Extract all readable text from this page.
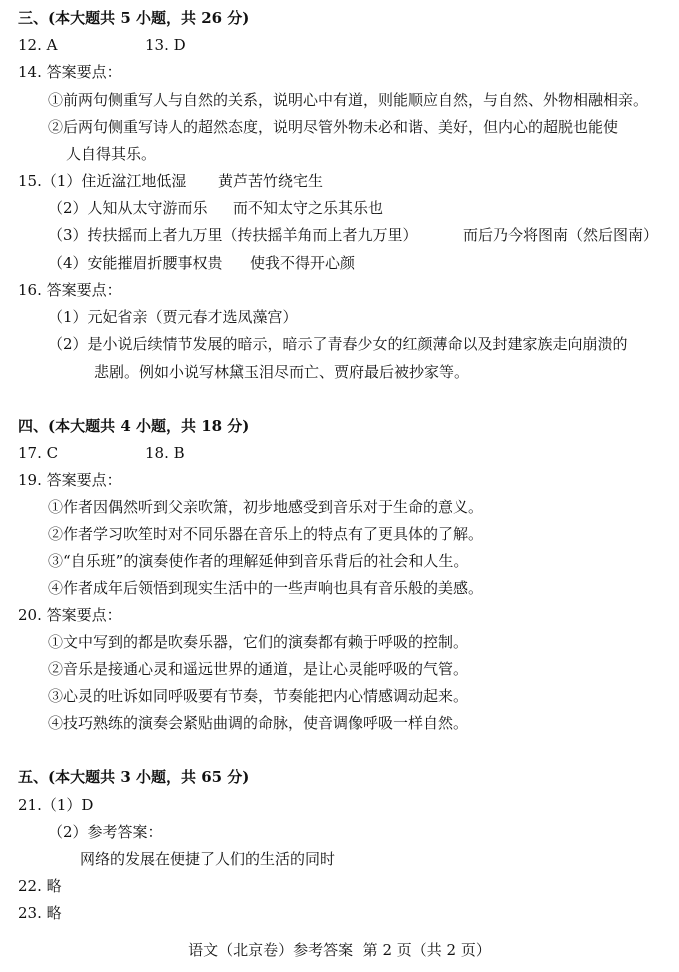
三、(本大题共 5 小题，共 26 分)
12. A	13. D
14. 答案要点：
①前两句侧重写人与自然的关系，说明心中有道，则能顺应自然，与自然、外物相融相亲。
②后两句侧重写诗人的超然态度，说明尽管外物未必和谐、美好，但内心的超脱也能使
人自得其乐。
15.（1）住近湓江地低湿 黄芦苦竹绕宅生
（2）人知从太守游而乐 而不知太守之乐其乐也
（3）抟扶摇而上者九万里（抟扶摇羊角而上者九万里）	而后乃今将图南（然后图南）
（4）安能摧眉折腰事权贵 使我不得开心颜
16. 答案要点：
（1）元妃省亲（贾元春才选凤藻宫）
（2）是小说后续情节发展的暗示，暗示了青春少女的红颜薄命以及封建家族走向崩溃的
悲剧。例如小说写林黛玉泪尽而亡、贾府最后被抄家等。
四、(本大题共 4 小题，共 18 分)
17. C	18. B
19. 答案要点：
①作者因偶然听到父亲吹箫，初步地感受到音乐对于生命的意义。
②作者学习吹笙时对不同乐器在音乐上的特点有了更具体的了解。
③“自乐班”的演奏使作者的理解延伸到音乐背后的社会和人生。
④作者成年后领悟到现实生活中的一些声响也具有音乐般的美感。
20. 答案要点：
①文中写到的都是吹奏乐器，它们的演奏都有赖于呼吸的控制。
②音乐是接通心灵和遥远世界的通道，是让心灵能呼吸的气管。
③心灵的吐诉如同呼吸要有节奏，节奏能把内心情感调动起来。
④技巧熟练的演奏会紧贴曲调的命脉，使音调像呼吸一样自然。
五、(本大题共 3 小题，共 65 分)
21.（1）D
（2）参考答案：
网络的发展在便捷了人们的生活的同时
22. 略
23. 略
语文（北京卷）参考答案  第 2 页（共 2 页）
